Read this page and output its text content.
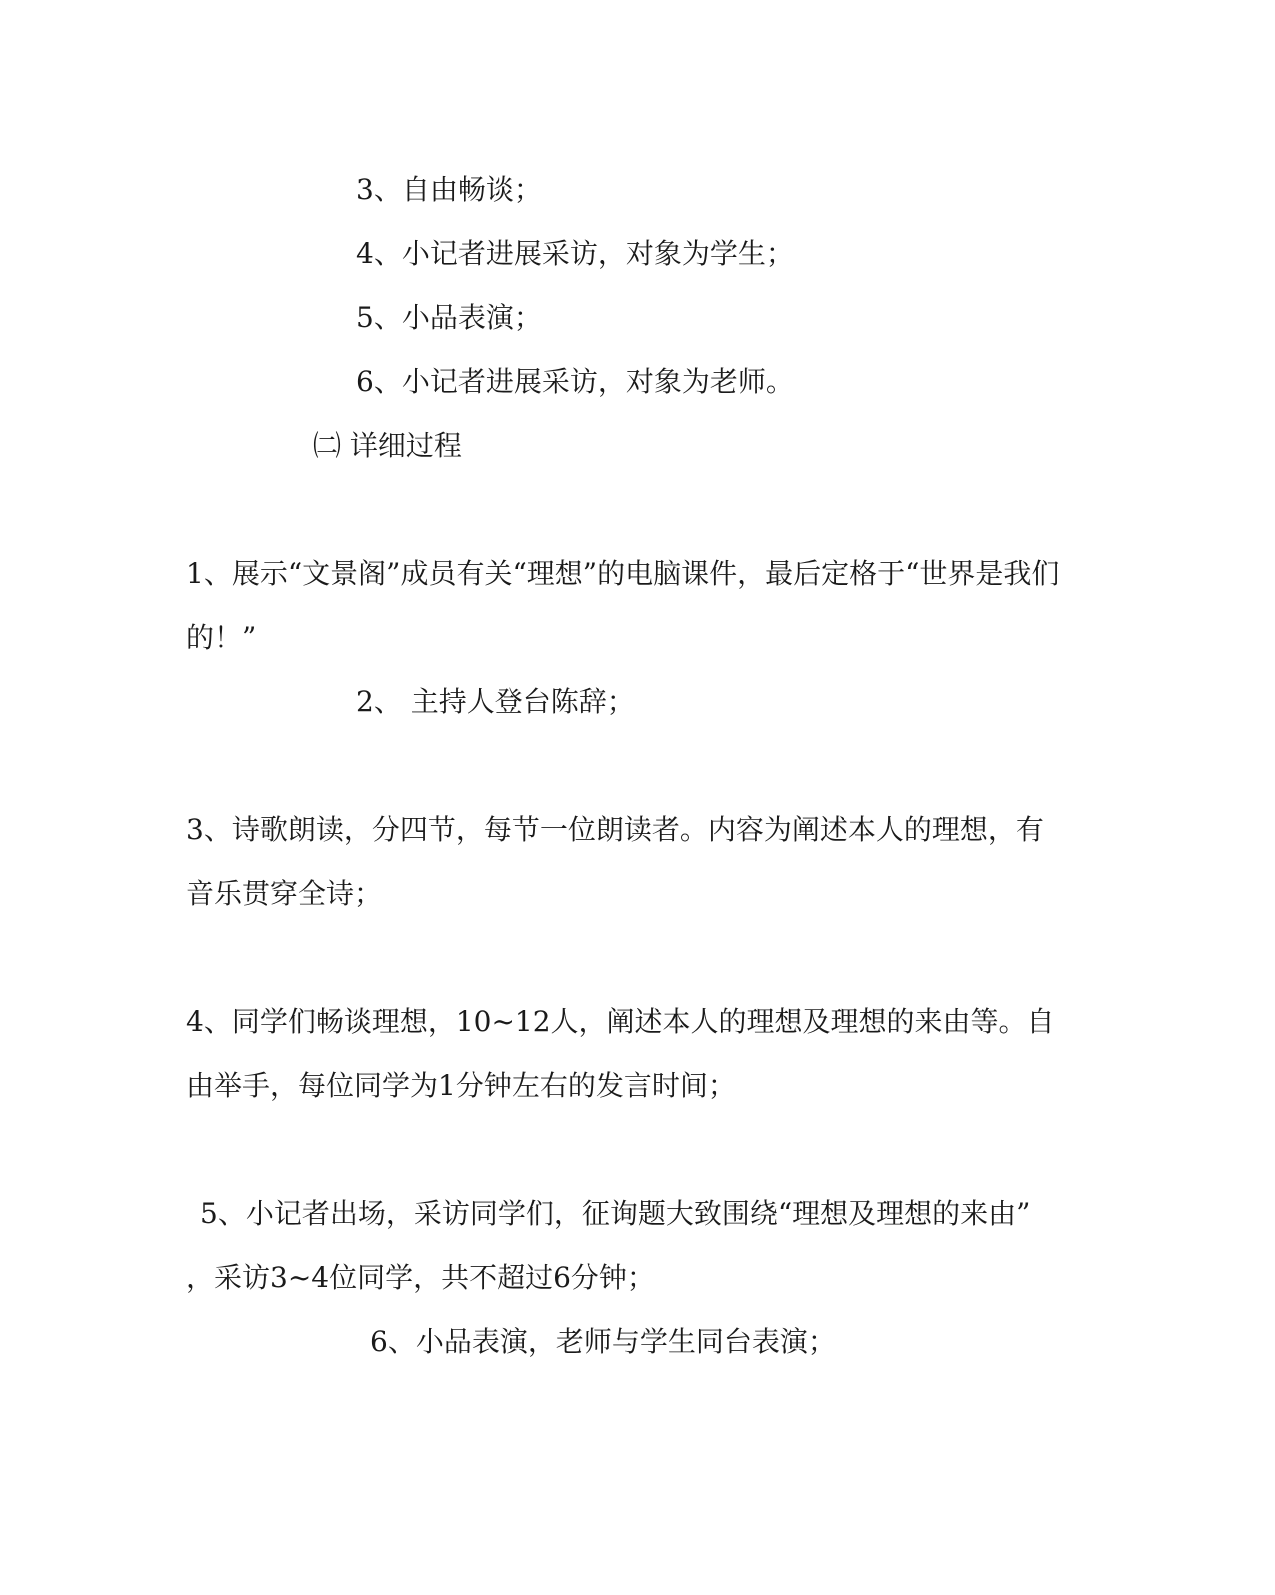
3、自由畅谈；
4、小记者进展采访，对象为学生；
5、小品表演；
6、小记者进展采访，对象为老师。
㈡ 详细过程
1、展示“文景阁”成员有关“理想”的电脑课件，最后定格于“世界是我们
的！”
2、 主持人登台陈辞；
3、诗歌朗读，分四节，每节一位朗读者。内容为阐述本人的理想，有
音乐贯穿全诗；
4、同学们畅谈理想，10~12人，阐述本人的理想及理想的来由等。自
由举手，每位同学为1分钟左右的发言时间；
5、小记者出场，采访同学们，征询题大致围绕“理想及理想的来由”
，采访3~4位同学，共不超过6分钟；
6、小品表演，老师与学生同台表演；
